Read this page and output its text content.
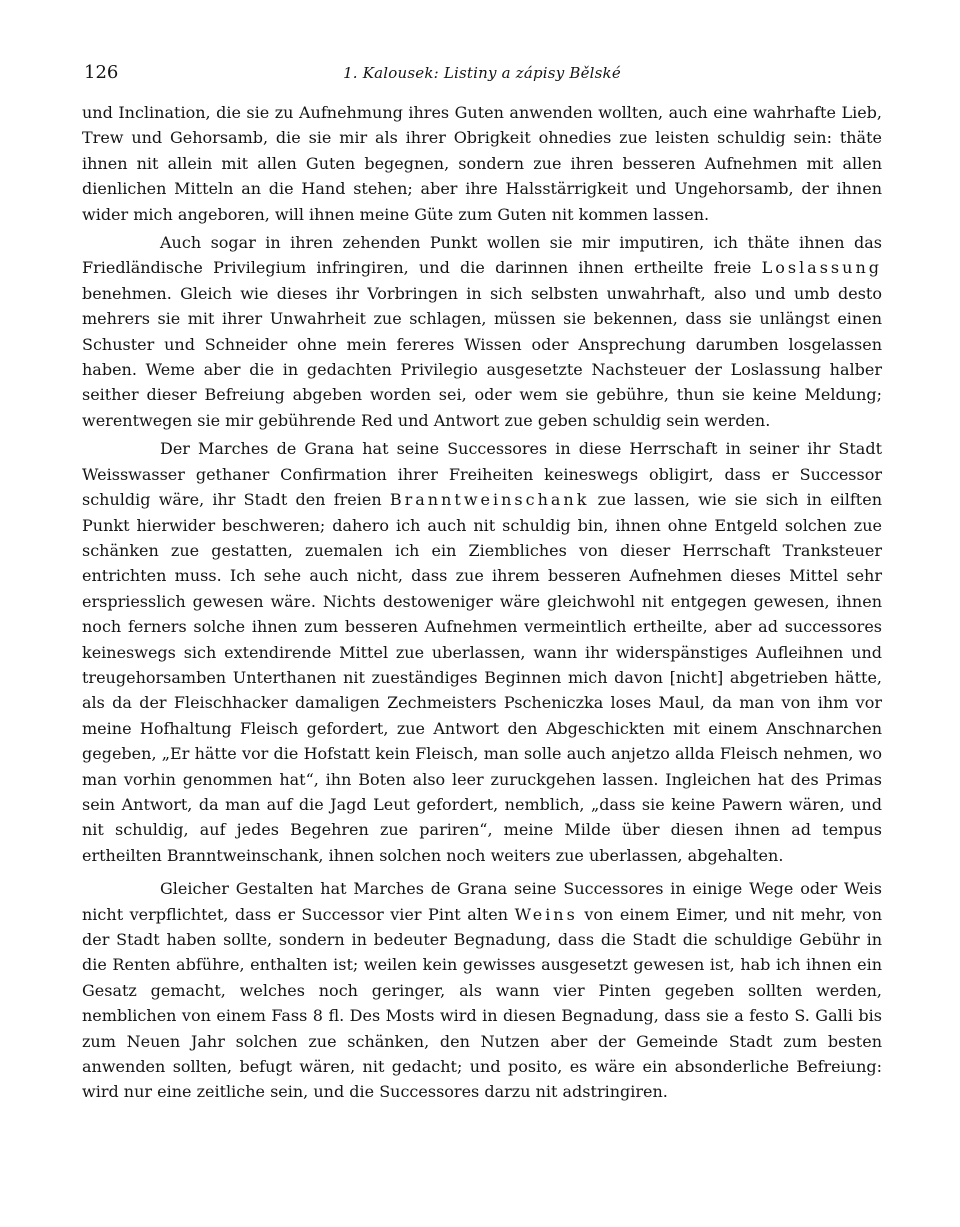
126	1. Kalousek: Listiny a zápisy Bělské

und Inclination, die sie zu Aufnehmung ihres Guten anwenden wollten, auch eine wahrhafte Lieb, Trew und Gehorsamb, die sie mir als ihrer Obrigkeit ohnedies zue leisten schuldig sein: thäte ihnen nit allein mit allen Guten begegnen, sondern zue ihren besseren Aufnehmen mit allen dienlichen Mitteln an die Hand stehen; aber ihre Halsstärrigkeit und Ungehorsamb, der ihnen wider mich angeboren, will ihnen meine Güte zum Guten nit kommen lassen.

Auch sogar in ihren zehenden Punkt wollen sie mir imputiren, ich thäte ihnen das Friedländische Privilegium infringiren, und die darinnen ihnen ertheilte freie Loslassung benehmen. Gleich wie dieses ihr Vorbringen in sich selbsten unwahrhaft, also und umb desto mehrers sie mit ihrer Unwahrheit zue schlagen, müssen sie bekennen, dass sie unlängst einen Schuster und Schneider ohne mein fereres Wissen oder Ansprechung darumben losgelassen haben. Weme aber die in gedachten Privilegio ausgesetzte Nachsteuer der Loslassung halber seither dieser Befreiung abgeben worden sei, oder wem sie gebühre, thun sie keine Meldung; werentwegen sie mir gebührende Red und Antwort zue geben schuldig sein werden.

Der Marches de Grana hat seine Successores in diese Herrschaft in seiner ihr Stadt Weisswasser gethaner Confirmation ihrer Freiheiten keineswegs obligirt, dass er Successor schuldig wäre, ihr Stadt den freien Branntweinschank zue lassen, wie sie sich in eilften Punkt hierwider beschweren; dahero ich auch nit schuldig bin, ihnen ohne Entgeld solchen zue schänken zue gestatten, zuemalen ich ein Ziembliches von dieser Herrschaft Tranksteuer entrichten muss. Ich sehe auch nicht, dass zue ihrem besseren Aufnehmen dieses Mittel sehr erspriesslich gewesen wäre. Nichts destoweniger wäre gleichwohl nit entgegen gewesen, ihnen noch ferners solche ihnen zum besseren Aufnehmen vermeintlich ertheilte, aber ad successores keineswegs sich extendirende Mittel zue uberlassen, wann ihr widerspänstiges Aufleihnen und treugehorsamben Unterthanen nit zueständiges Beginnen mich davon [nicht] abgetrieben hätte, als da der Fleischhacker damaligen Zechmeisters Pscheniczka loses Maul, da man von ihm vor meine Hofhaltung Fleisch gefordert, zue Antwort den Abgeschickten mit einem Anschnarchen gegeben, „Er hätte vor die Hofstatt kein Fleisch, man solle auch anjetzo allda Fleisch nehmen, wo man vorhin genommen hat“, ihn Boten also leer zuruckgehen lassen. Ingleichen hat des Primas sein Antwort, da man auf die Jagd Leut gefordert, nemblich, „dass sie keine Pawern wären, und nit schuldig, auf jedes Begehren zue pariren“, meine Milde über diesen ihnen ad tempus ertheilten Branntweinschank, ihnen solchen noch weiters zue uberlassen, abgehalten.

Gleicher Gestalten hat Marches de Grana seine Successores in einige Wege oder Weis nicht verpflichtet, dass er Successor vier Pint alten Weins von einem Eimer, und nit mehr, von der Stadt haben sollte, sondern in bedeuter Begnadung, dass die Stadt die schuldige Gebühr in die Renten abführe, enthalten ist; weilen kein gewisses ausgesetzt gewesen ist, hab ich ihnen ein Gesatz gemacht, welches noch geringer, als wann vier Pinten gegeben sollten werden, nemblichen von einem Fass 8 fl. Des Mosts wird in diesen Begnadung, dass sie a festo S. Galli bis zum Neuen Jahr solchen zue schänken, den Nutzen aber der Gemeinde Stadt zum besten anwenden sollten, befugt wären, nit gedacht; und posito, es wäre ein absonderliche Befreiung: wird nur eine zeitliche sein, und die Successores darzu nit adstringiren.
